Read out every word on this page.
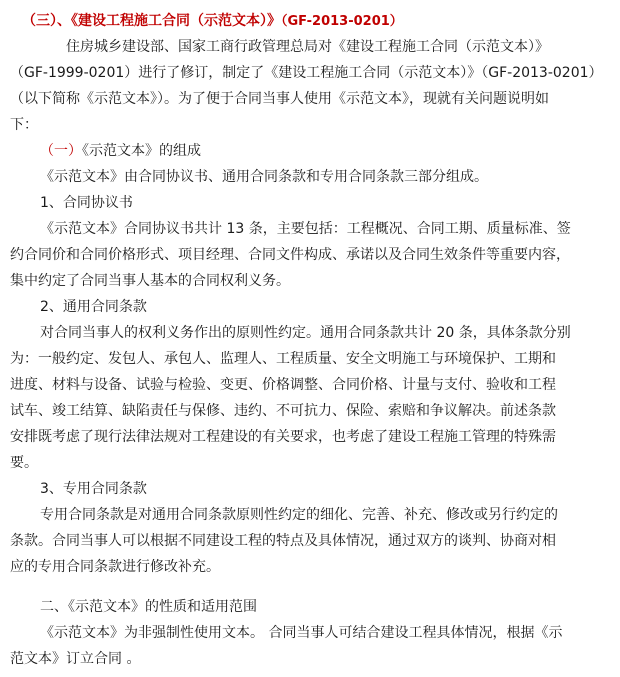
（三）、《建设工程施工合同（示范文本）》（GF-2013-0201）

住房城乡建设部、国家工商行政管理总局对《建设工程施工合同（示范文本）》

（GF-1999-0201）进行了修订，制定了《建设工程施工合同（示范文本）》（GF-2013-0201）

（以下简称《示范文本》）。为了便于合同当事人使用《示范文本》，现就有关问题说明如

下：

（一）《示范文本》的组成

《示范文本》由合同协议书、通用合同条款和专用合同条款三部分组成。

1、合同协议书

《示范文本》合同协议书共计 13 条，主要包括：工程概况、合同工期、质量标准、签

约合同价和合同价格形式、项目经理、合同文件构成、承诺以及合同生效条件等重要内容，

集中约定了合同当事人基本的合同权利义务。

2、通用合同条款

对合同当事人的权利义务作出的原则性约定。通用合同条款共计 20 条，具体条款分别

为：一般约定、发包人、承包人、监理人、工程质量、安全文明施工与环境保护、工期和

进度、材料与设备、试验与检验、变更、价格调整、合同价格、计量与支付、验收和工程

试车、竣工结算、缺陷责任与保修、违约、不可抗力、保险、索赔和争议解决。前述条款

安排既考虑了现行法律法规对工程建设的有关要求，也考虑了建设工程施工管理的特殊需

要。

3、专用合同条款

专用合同条款是对通用合同条款原则性约定的细化、完善、补充、修改或另行约定的

条款。合同当事人可以根据不同建设工程的特点及具体情况，通过双方的谈判、协商对相

应的专用合同条款进行修改补充。

二、《示范文本》的性质和适用范围

《示范文本》为非强制性使用文本。 合同当事人可结合建设工程具体情况，根据《示

范文本》订立合同 。
